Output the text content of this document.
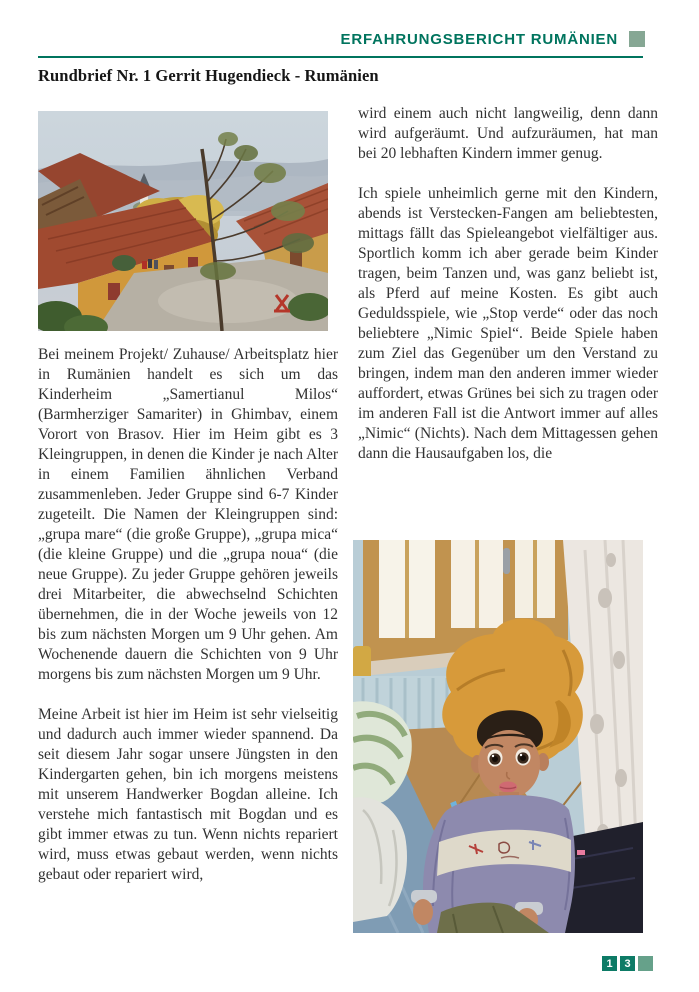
ERFAHRUNGSBERICHT RUMÄNIEN
Rundbrief Nr. 1 Gerrit Hugendieck - Rumänien

Bei meinem Projekt/ Zuhause/ Arbeitsplatz hier in Rumänien handelt es sich um das Kinderheim „Samertianul Milos“ (Barmherziger Samariter) in Ghimbav, einem Vorort von Brasov. Hier im Heim gibt es 3 Kleingruppen, in denen die Kinder je nach Alter in einem Familien ähnlichen Verband zusammenleben. Jeder Gruppe sind 6-7 Kinder zugeteilt. Die Namen der Kleingruppen sind: „grupa mare“ (die große Gruppe), „grupa mica“ (die kleine Gruppe) und die „grupa noua“ (die neue Gruppe). Zu jeder Gruppe gehören jeweils drei Mitarbeiter, die abwechselnd Schichten übernehmen, die in der Woche jeweils von 12 bis zum nächsten Morgen um 9 Uhr gehen. Am Wochenende dauern die Schichten von 9 Uhr morgens bis zum nächsten Morgen um 9 Uhr.

Meine Arbeit ist hier im Heim ist sehr vielseitig und dadurch auch immer wieder spannend. Da seit diesem Jahr sogar unsere Jüngsten in den Kindergarten gehen, bin ich morgens meistens mit unserem Handwerker Bogdan alleine. Ich verstehe mich fantastisch mit Bogdan und es gibt immer etwas zu tun. Wenn nichts repariert wird, muss etwas gebaut werden, wenn nichts gebaut oder repariert wird,

wird einem auch nicht langweilig, denn dann wird aufgeräumt. Und aufzuräumen, hat man bei 20 lebhaften Kindern immer genug.

Ich spiele unheimlich gerne mit den Kindern, abends ist Verstecken-Fangen am beliebtesten, mittags fällt das Spieleangebot vielfältiger aus. Sportlich komm ich aber gerade beim Kinder tragen, beim Tanzen und, was ganz beliebt ist, als Pferd auf meine Kosten. Es gibt auch Geduldsspiele, wie „Stop verde“ oder das noch beliebtere „Nimic Spiel“. Beide Spiele haben zum Ziel das Gegenüber um den Verstand zu bringen, indem man den anderen immer wieder auffordert, etwas Grünes bei sich zu tragen oder im anderen Fall ist die Antwort immer auf alles „Nimic“ (Nichts). Nach dem Mittagessen gehen dann die Hausaufgaben los, die

1	3
